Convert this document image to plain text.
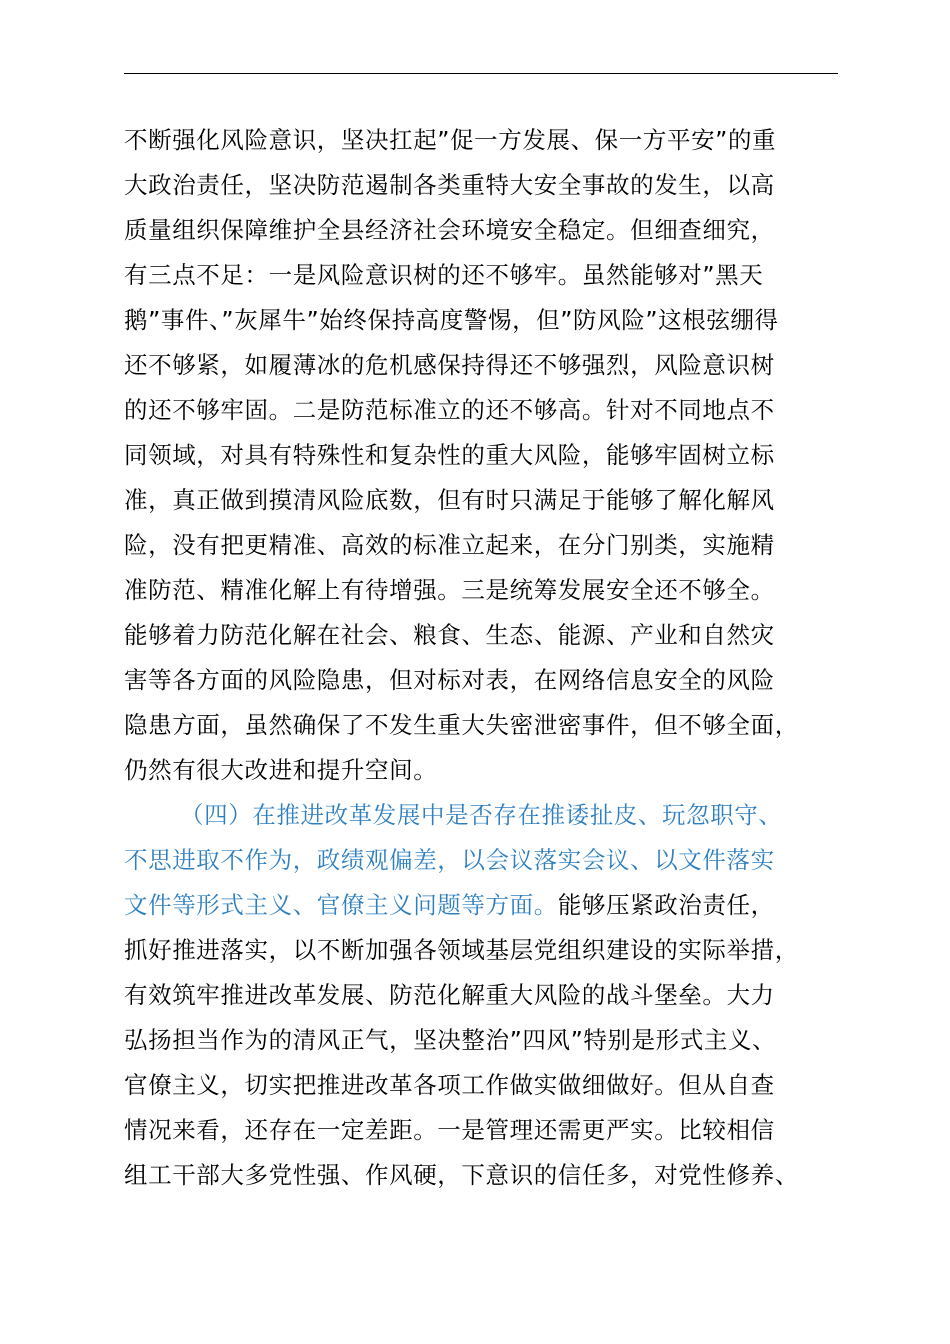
不断强化风险意识，坚决扛起”促一方发展、保一方平安”的重
大政治责任，坚决防范遏制各类重特大安全事故的发生，以高
质量组织保障维护全县经济社会环境安全稳定。但细查细究，
有三点不足：一是风险意识树的还不够牢。虽然能够对”黑天
鹅”事件、”灰犀牛”始终保持高度警惕，但”防风险”这根弦绷得
还不够紧，如履薄冰的危机感保持得还不够强烈，风险意识树
的还不够牢固。二是防范标准立的还不够高。针对不同地点不
同领域，对具有特殊性和复杂性的重大风险，能够牢固树立标
准，真正做到摸清风险底数，但有时只满足于能够了解化解风
险，没有把更精准、高效的标准立起来，在分门别类，实施精
准防范、精准化解上有待增强。三是统筹发展安全还不够全。
能够着力防范化解在社会、粮食、生态、能源、产业和自然灾
害等各方面的风险隐患，但对标对表，在网络信息安全的风险
隐患方面，虽然确保了不发生重大失密泄密事件，但不够全面，
仍然有很大改进和提升空间。
（四）在推进改革发展中是否存在推诿扯皮、玩忽职守、
不思进取不作为，政绩观偏差，以会议落实会议、以文件落实
文件等形式主义、官僚主义问题等方面。能够压紧政治责任，
抓好推进落实，以不断加强各领域基层党组织建设的实际举措，
有效筑牢推进改革发展、防范化解重大风险的战斗堡垒。大力
弘扬担当作为的清风正气，坚决整治”四风”特别是形式主义、
官僚主义，切实把推进改革各项工作做实做细做好。但从自查
情况来看，还存在一定差距。一是管理还需更严实。比较相信
组工干部大多党性强、作风硬，下意识的信任多，对党性修养、
